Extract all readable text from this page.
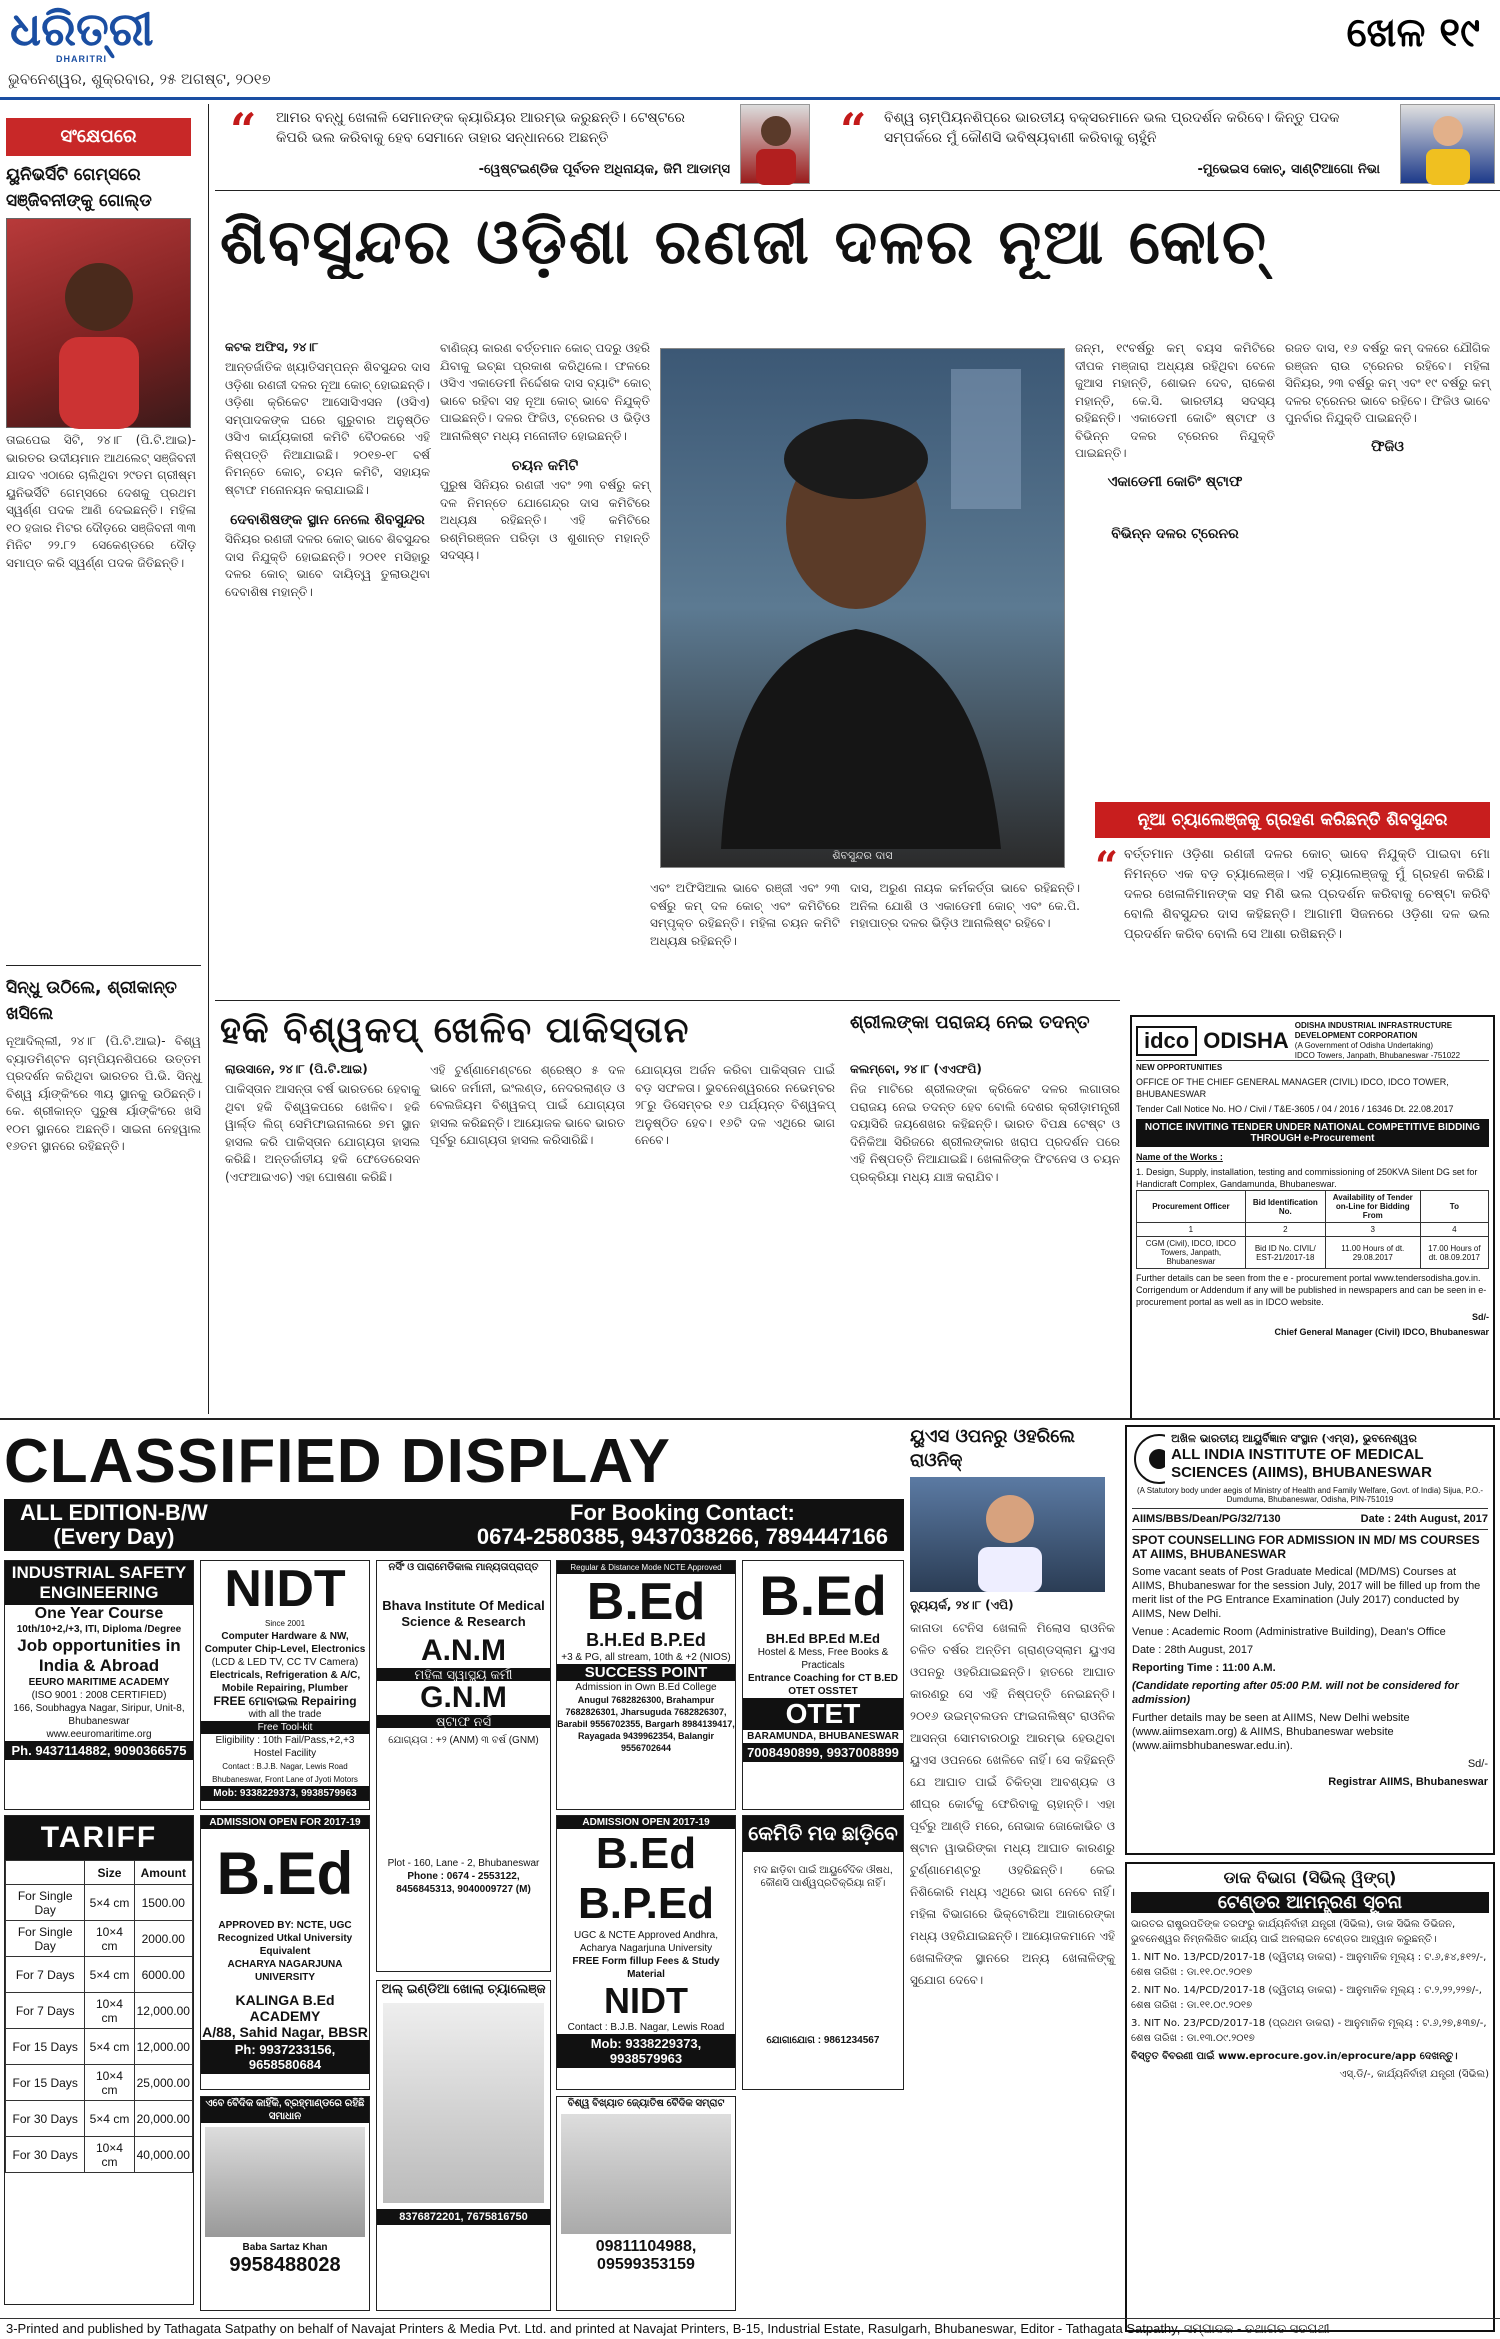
ଧରିତ୍ରୀ
DHARITRI
ଖେଳ ୧୯
ଭୁବନେଶ୍ୱର, ଶୁକ୍ରବାର, ୨୫ ଅଗଷ୍ଟ, ୨୦୧୭
ସଂକ୍ଷେପରେ
ୟୁନିଭର୍ସିଟି ଗେମ୍ସରେ ସଞ୍ଜିବନୀଙ୍କୁ ଗୋଲ୍ଡ
ତାଇପେଇ ସିଟି, ୨୪।୮ (ପି.ଟି.ଆଇ)- ଭାରତର ଉଦୀୟମାନ ଆଥଲେଟ୍ ସଞ୍ଜିବନୀ ଯାଦବ ଏଠାରେ ଚାଲିଥିବା ୨୯ତମ ଗ୍ରୀଷ୍ମ ୟୁନିଭର୍ସିଟି ଗେମ୍ସରେ ଦେଶକୁ ପ୍ରଥମ ସ୍ୱର୍ଣ୍ଣ ପଦକ ଆଣି ଦେଇଛନ୍ତି। ମହିଳା ୧୦ ହଜାର ମିଟର ଦୌଡ଼ରେ ସଞ୍ଜିବନୀ ୩୩ ମିନିଟ ୨୨.୮୨ ସେକେଣ୍ଡରେ ଦୌଡ଼ ସମାପ୍ତ କରି ସ୍ୱର୍ଣ୍ଣ ପଦକ ଜିତିଛନ୍ତି।
ସିନ୍ଧୁ ଉଠିଲେ, ଶ୍ରୀକାନ୍ତ ଖସିଲେ
ନୂଆଦିଲ୍ଲୀ, ୨୪।୮ (ପି.ଟି.ଆଇ)- ବିଶ୍ୱ ବ୍ୟାଡମିଣ୍ଟନ ଚାମ୍ପିୟନଶିପରେ ଉତ୍ତମ ପ୍ରଦର୍ଶନ କରିଥିବା ଭାରତର ପି.ଭି. ସିନ୍ଧୁ ବିଶ୍ୱ ର୍ୟାଙ୍କିଂରେ ୩ୟ ସ୍ଥାନକୁ ଉଠିଛନ୍ତି। କେ. ଶ୍ରୀକାନ୍ତ ପୁରୁଷ ର୍ୟାଙ୍କିଂରେ ଖସି ୧୦ମ ସ୍ଥାନରେ ଅଛନ୍ତି। ସାଇନା ନେହୱାଲ ୧୬ତମ ସ୍ଥାନରେ ରହିଛନ୍ତି।
“ ଆମର ବନ୍ଧୁ ଖେଳାଳି ସେମାନଙ୍କ କ୍ୟାରିୟର ଆରମ୍ଭ କରୁଛନ୍ତି। ଟେଷ୍ଟରେ କିପରି ଭଲ କରିବାକୁ ହେବ ସେମାନେ ତାହାର ସନ୍ଧାନରେ ଅଛନ୍ତି
-ୱେଷ୍ଟଇଣ୍ଡିଜ ପୂର୍ବତନ ଅଧିନାୟକ, ଜିମି ଆଡାମ୍ସ
“ ବିଶ୍ୱ ଚାମ୍ପିୟନଶିପ୍‌ରେ ଭାରତୀୟ ବକ୍ସରମାନେ ଭଲ ପ୍ରଦର୍ଶନ କରିବେ। କିନ୍ତୁ ପଦକ ସମ୍ପର୍କରେ ମୁଁ କୌଣସି ଭବିଷ୍ୟବାଣୀ କରିବାକୁ ଚାହୁଁନି
-ମୁଭେଇସ କୋଚ୍, ସାଣ୍ଟିଆଗୋ ନିଭା
ଶିବସୁନ୍ଦର ଓଡ଼ିଶା ରଣଜୀ ଦଳର ନୂଆ କୋଚ୍
କଟକ ଅଫିସ, ୨୪।୮
ଆନ୍ତର୍ଜାତିକ ଖ୍ୟାତିସମ୍ପନ୍ନ ଶିବସୁନ୍ଦର ଦାସ ଓଡ଼ିଶା ରଣଜୀ ଦଳର ନୂଆ କୋଚ୍ ହୋଇଛନ୍ତି। ଓଡ଼ିଶା କ୍ରିକେଟ ଆସୋସିଏସନ (ଓସିଏ) ସମ୍ପାଦକଙ୍କ ଘରେ ଗୁରୁବାର ଅନୁଷ୍ଠିତ ଓସିଏ କାର୍ଯ୍ୟକାରୀ କମିଟି ବୈଠକରେ ଏହି ନିଷ୍ପତ୍ତି ନିଆଯାଇଛି। ୨୦୧୭-୧୮ ବର୍ଷ ନିମନ୍ତେ କୋଚ୍, ଚୟନ କମିଟି, ସହାୟକ ଷ୍ଟାଫ ମନୋନୟନ କରାଯାଇଛି।
ଦେବାଶିଷଙ୍କ ସ୍ଥାନ ନେଲେ ଶିବସୁନ୍ଦର
ସିନିୟର ରଣଜୀ ଦଳର କୋଚ୍ ଭାବେ ଶିବସୁନ୍ଦର ଦାସ ନିଯୁକ୍ତି ହୋଇଛନ୍ତି। ୨୦୧୧ ମସିହାରୁ ଦଳର କୋଚ୍ ଭାବେ ଦାୟିତ୍ୱ ତୁଲାଉଥିବା ଦେବାଶିଷ ମହାନ୍ତି।
ବାଣିଜ୍ୟ କାରଣ ବର୍ତ୍ତମାନ କୋଚ୍ ପଦରୁ ଓହରି ଯିବାକୁ ଇଚ୍ଛା ପ୍ରକାଶ କରିଥିଲେ। ଫଳରେ ଓସିଏ ଏକାଡେମୀ ନିର୍ଦ୍ଦେଶକ ଦାସ ବ୍ୟାଟିଂ କୋଚ୍ ଭାବେ ରହିବା ସହ ନୂଆ କୋଚ୍ ଭାବେ ନିଯୁକ୍ତି ପାଇଛନ୍ତି। ଦଳର ଫିଜିଓ, ଟ୍ରେନର ଓ ଭିଡ଼ିଓ ଆନାଲିଷ୍ଟ ମଧ୍ୟ ମନୋନୀତ ହୋଇଛନ୍ତି।
ଚୟନ କମିଟି
ପୁରୁଷ ସିନିୟର ରଣଜୀ ଏବଂ ୨୩ ବର୍ଷରୁ କମ୍ ଦଳ ନିମନ୍ତେ ଯୋଗେନ୍ଦ୍ର ଦାସ କମିଟିରେ ଅଧ୍ୟକ୍ଷ ରହିଛନ୍ତି। ଏହି କମିଟିରେ ରଶ୍ମିରଞ୍ଜନ ପରିଡ଼ା ଓ ଶୁଶାନ୍ତ ମହାନ୍ତି ସଦସ୍ୟ।
ଶିବସୁନ୍ଦର ଦାସ
ଜନ୍ମ, ୧୯ବର୍ଷରୁ କମ୍ ବୟସ କମିଟିରେ ଦୀପକ ମଞ୍ଜାରା ଅଧ୍ୟକ୍ଷ ରହିଥିବା ବେଳେ ଜୁଆସ ମହାନ୍ତି, ଶୋଭନ ଦେବ, ରାକେଶ ମହାନ୍ତି, କେ.ସି. ଭାରତୀୟ ସଦସ୍ୟ ରହିଛନ୍ତି। ଏକାଡେମୀ କୋଚିଂ ଷ୍ଟାଫ ଓ ବିଭିନ୍ନ ଦଳର ଟ୍ରେନର ନିଯୁକ୍ତି ପାଇଛନ୍ତି।
ଏକାଡେମୀ କୋଚିଂ ଷ୍ଟାଫ
ବିଭିନ୍ନ ଦଳର ଟ୍ରେନର
ରଜତ ଦାସ, ୧୬ ବର୍ଷରୁ କମ୍ ଦଳରେ ଯୌଗିକ ରଞ୍ଜନ ରାଉ ଟ୍ରେନର ରହିବେ। ମହିଳା ସିନିୟର, ୨୩ ବର୍ଷରୁ କମ୍ ଏବଂ ୧୯ ବର୍ଷରୁ କମ୍ ଦଳର ଟ୍ରେନର ଭାବେ ରହିବେ। ଫିଜିଓ ଭାବେ ପୁନର୍ବାର ନିଯୁକ୍ତି ପାଇଛନ୍ତି।
ଫିଜିଓ
ନୂଆ ଚ୍ୟାଲେଞ୍ଜକୁ ଗ୍ରହଣ କରିଛନ୍ତି ଶିବସୁନ୍ଦର
“ ବର୍ତ୍ତମାନ ଓଡ଼ିଶା ରଣଜୀ ଦଳର କୋଚ୍ ଭାବେ ନିଯୁକ୍ତି ପାଇବା ମୋ ନିମନ୍ତେ ଏକ ବଡ଼ ଚ୍ୟାଲେଞ୍ଜ। ଏହି ଚ୍ୟାଲେଞ୍ଜକୁ ମୁଁ ଗ୍ରହଣ କରିଛି। ଦଳର ଖେଳାଳିମାନଙ୍କ ସହ ମିଶି ଭଲ ପ୍ରଦର୍ଶନ କରିବାକୁ ଚେଷ୍ଟା କରିବି ବୋଲି ଶିବସୁନ୍ଦର ଦାସ କହିଛନ୍ତି। ଆଗାମୀ ସିଜନରେ ଓଡ଼ିଶା ଦଳ ଭଲ ପ୍ରଦର୍ଶନ କରିବ ବୋଲି ସେ ଆଶା ରଖିଛନ୍ତି।
ଏବଂ ଅଫିସିଆଲ ଭାବେ ରଞ୍ଜୀ ଏବଂ ୨୩ ବର୍ଷରୁ କମ୍ ଦଳ କୋଚ୍ ଏବଂ କମିଟିରେ ସମ୍ପୃକ୍ତ ରହିଛନ୍ତି। ମହିଳା ଚୟନ କମିଟି ଅଧ୍ୟକ୍ଷ ରହିଛନ୍ତି।
ଦାସ, ଅରୁଣ ନାୟକ କର୍ମକର୍ତ୍ତା ଭାବେ ରହିଛନ୍ତି। ଅନିଲ ଯୋଶି ଓ ଏକାଡେମୀ କୋଚ୍ ଏବଂ କେ.ପି. ମହାପାତ୍ର ଦଳର ଭିଡ଼ିଓ ଆନାଲିଷ୍ଟ ରହିବେ।
ହକି ବିଶ୍ୱକପ୍ ଖେଳିବ ପାକିସ୍ତାନ
ଲାଉସାନେ, ୨୪।୮ (ପି.ଟି.ଆଇ)
ପାକିସ୍ତାନ ଆସନ୍ତା ବର୍ଷ ଭାରତରେ ହେବାକୁ ଥିବା ହକି ବିଶ୍ୱକପରେ ଖେଳିବ। ହକି ୱାର୍ଲ୍ଡ ଲିଗ୍ ସେମିଫାଇନାଲରେ ୭ମ ସ୍ଥାନ ହାସଲ କରି ପାକିସ୍ତାନ ଯୋଗ୍ୟତା ହାସଲ କରିଛି। ଅନ୍ତର୍ଜାତୀୟ ହକି ଫେଡେରେସନ (ଏଫଆଇଏଚ) ଏହା ଘୋଷଣା କରିଛି।
ଏହି ଟୁର୍ଣ୍ଣାମେଣ୍ଟରେ ଶ୍ରେଷ୍ଠ ୫ ଦଳ ଭାବେ ଜର୍ମାନୀ, ଇଂଲଣ୍ଡ, ନେଦରଲାଣ୍ଡ ଓ ବେଲଜିୟମ ବିଶ୍ୱକପ୍ ପାଇଁ ଯୋଗ୍ୟତା ହାସଲ କରିଛନ୍ତି। ଆୟୋଜକ ଭାବେ ଭାରତ ପୂର୍ବରୁ ଯୋଗ୍ୟତା ହାସଲ କରିସାରିଛି।
ଯୋଗ୍ୟତା ଅର୍ଜନ କରିବା ପାକିସ୍ତାନ ପାଇଁ ବଡ଼ ସଫଳତା। ଭୁବନେଶ୍ୱରରେ ନଭେମ୍ବର ୨୮ରୁ ଡିସେମ୍ବର ୧୬ ପର୍ଯ୍ୟନ୍ତ ବିଶ୍ୱକପ୍ ଅନୁଷ୍ଠିତ ହେବ। ୧୬ଟି ଦଳ ଏଥିରେ ଭାଗ ନେବେ।
ଶ୍ରୀଲଙ୍କା ପରାଜୟ ନେଇ ତଦନ୍ତ
କଲମ୍ବୋ, ୨୪।୮ (ଏଏଫପି)
ନିଜ ମାଟିରେ ଶ୍ରୀଲଙ୍କା କ୍ରିକେଟ ଦଳର ଲଗାତାର ପରାଜୟ ନେଇ ତଦନ୍ତ ହେବ ବୋଲି ଦେଶର କ୍ରୀଡ଼ାମନ୍ତ୍ରୀ ଦୟାସିରି ଜୟଶେଖର କହିଛନ୍ତି। ଭାରତ ବିପକ୍ଷ ଟେଷ୍ଟ ଓ ଦିନିକିଆ ସିରିଜରେ ଶ୍ରୀଲଙ୍କାର ଖରାପ ପ୍ରଦର୍ଶନ ପରେ ଏହି ନିଷ୍ପତ୍ତି ନିଆଯାଇଛି। ଖେଳାଳିଙ୍କ ଫିଟନେସ ଓ ଚୟନ ପ୍ରକ୍ରିୟା ମଧ୍ୟ ଯାଞ୍ଚ କରାଯିବ।
idco ODISHA
ODISHA INDUSTRIAL INFRASTRUCTURE DEVELOPMENT CORPORATION
(A Government of Odisha Undertaking)
IDCO Towers, Janpath, Bhubaneswar -751022
NEW OPPORTUNITIES

OFFICE OF THE CHIEF GENERAL MANAGER (CIVIL) IDCO, IDCO TOWER, BHUBANESWAR

Tender Call Notice No. HO / Civil / T&E-3605 / 04 / 2016 / 16346 Dt. 22.08.2017

NOTICE INVITING TENDER UNDER NATIONAL COMPETITIVE BIDDING THROUGH e-Procurement

Name of the Works :

1. Design, Supply, installation, testing and commissioning of 250KVA Silent DG set for Handicraft Complex, Gandamunda, Bhubaneswar.

Procurement Officer	Bid Identification No.	Availability of Tender on-Line for Bidding From	To
1	2	3	4
CGM (Civil), IDCO, IDCO Towers, Janpath, Bhubaneswar	Bid ID No. CIVIL/ EST-21/2017-18	11.00 Hours of dt. 29.08.2017	17.00 Hours of dt. 08.09.2017

Further details can be seen from the e - procurement portal www.tendersodisha.gov.in. Corrigendum or Addendum if any will be published in newspapers and can be seen in e-procurement portal as well as in IDCO website.

Sd/-

Chief General Manager (Civil) IDCO, Bhubaneswar

CLASSIFIED DISPLAY
ALL EDITION-B/W
(Every Day)
For Booking Contact:
0674-2580385, 9437038266, 7894447166
INDUSTRIAL SAFETY ENGINEERING
One Year Course
10th/10+2,/+3, ITI, Diploma /Degree
Job opportunities in India & Abroad
EEURO MARITIME ACADEMY
(ISO 9001 : 2008 CERTIFIED)
166, Soubhagya Nagar, Siripur, Unit-8, Bhubaneswar
www.eeuromaritime.org
Ph. 9437114882, 9090366575
NIDT
Since 2001
Computer Hardware & NW,
Computer Chip-Level, Electronics
(LCD & LED TV, CC TV Camera)
Electricals, Refrigeration & A/C, Mobile Repairing, Plumber
FREE ମୋବାଇଲ Repairing
with all the trade
Free Tool-kit
Eligibility : 10th Fail/Pass,+2,+3
Hostel Facility
Contact : B.J.B. Nagar, Lewis Road Bhubaneswar, Front Lane of Jyoti Motors
Mob: 9338229373, 9938579963
ନର୍ସିଂ ଓ ପାରାମେଡିକାଲ ମାନ୍ୟତାପ୍ରାପ୍ତ
Bhava Institute Of Medical Science & Research
A.N.M
ମହିଳା ସ୍ୱାସ୍ଥ୍ୟ କର୍ମୀ
G.N.M
ଷ୍ଟାଫ ନର୍ସ
ଯୋଗ୍ୟତା : +୨ (ANM) ୩ ବର୍ଷ (GNM)
Plot - 160, Lane - 2, Bhubaneswar
Phone : 0674 - 2553122, 8456845313, 9040009727 (M)
Regular & Distance Mode NCTE Approved
B.Ed
B.H.Ed B.P.Ed
+3 & PG, all stream, 10th & +2 (NIOS)
SUCCESS POINT
Admission in Own B.Ed College
Anugul 7682826300, Brahampur 7682826301, Jharsuguda 7682826307, Barabil 9556702355, Bargarh 8984139417, Rayagada 9439962354, Balangir 9556702644
B.Ed
BH.Ed BP.Ed M.Ed
Hostel & Mess, Free Books & Practicals
Entrance Coaching for CT B.ED OTET OSSTET
OTET
BARAMUNDA, BHUBANESWAR
7008490899, 9937008899
TARIFF
	Size	Amount
For Single Day	5×4 cm	1500.00
For Single Day	10×4 cm	2000.00
For 7 Days	5×4 cm	6000.00
For 7 Days	10×4 cm	12,000.00
For 15 Days	5×4 cm	12,000.00
For 15 Days	10×4 cm	25,000.00
For 30 Days	5×4 cm	20,000.00
For 30 Days	10×4 cm	40,000.00
ADMISSION OPEN FOR 2017-19
B.Ed
APPROVED BY: NCTE, UGC Recognized Utkal University Equivalent
ACHARYA NAGARJUNA UNIVERSITY
KALINGA B.Ed ACADEMY
A/88, Sahid Nagar, BBSR
Ph: 9937233156, 9658580684
ADMISSION OPEN 2017-19
B.Ed
B.P.Ed
UGC & NCTE Approved Andhra, Acharya Nagarjuna University
FREE Form fillup Fees & Study Material
NIDT
Contact : B.J.B. Nagar, Lewis Road
Mob: 9338229373, 9938579963
କେମିତି ମଦ ଛାଡ଼ିବେ
ମଦ ଛାଡ଼ିବା ପାଇଁ ଆୟୁର୍ବେଦିକ ଔଷଧ, କୌଣସି ପାର୍ଶ୍ୱପ୍ରତିକ୍ରିୟା ନାହିଁ।
ଯୋଗାଯୋଗ : 9861234567
ଏବେ ବୈଦିକ କାହିଁକି, ବ୍ରହ୍ମାଣ୍ଡରେ ରହିଛି ସମାଧାନ
Baba Sartaz Khan
9958488028
ଅଲ୍ ଇଣ୍ଡିଆ ଖୋଲା ଚ୍ୟାଲେଞ୍ଜ
8376872201, 7675816750
ବିଶ୍ୱ ବିଖ୍ୟାତ ଜ୍ୟୋତିଷ ବୈଦିକ ସମ୍ରାଟ
09811104988, 09599353159
ୟୁଏସ ଓପନରୁ ଓହରିଲେ ରାଓନିକ୍
ନ୍ୟୁୟର୍କ, ୨୪।୮ (ଏପି)
କାନାଡା ଟେନିସ ଖେଳାଳି ମିଲୋସ ରାଓନିକ ଚଳିତ ବର୍ଷର ଅନ୍ତିମ ଗ୍ରାଣ୍ଡସ୍ଲାମ ୟୁଏସ ଓପନରୁ ଓହରିଯାଇଛନ୍ତି। ହାତରେ ଆଘାତ କାରଣରୁ ସେ ଏହି ନିଷ୍ପତ୍ତି ନେଇଛନ୍ତି। ୨୦୧୬ ଉଇମ୍ବଲଡନ ଫାଇନାଲିଷ୍ଟ ରାଓନିକ ଆସନ୍ତା ସୋମବାରଠାରୁ ଆରମ୍ଭ ହେଉଥିବା ୟୁଏସ ଓପନରେ ଖେଳିବେ ନାହିଁ। ସେ କହିଛନ୍ତି ଯେ ଆଘାତ ପାଇଁ ଚିକିତ୍ସା ଆବଶ୍ୟକ ଓ ଶୀଘ୍ର କୋର୍ଟକୁ ଫେରିବାକୁ ଚାହାନ୍ତି। ଏହା ପୂର୍ବରୁ ଆଣ୍ଡି ମରେ, ନୋଭାକ ଜୋକୋଭିଚ ଓ ଷ୍ଟାନ ୱାଭରିଙ୍କା ମଧ୍ୟ ଆଘାତ କାରଣରୁ ଟୁର୍ଣ୍ଣାମେଣ୍ଟରୁ ଓହରିଛନ୍ତି। କେଇ ନିଶିକୋରି ମଧ୍ୟ ଏଥିରେ ଭାଗ ନେବେ ନାହିଁ। ମହିଳା ବିଭାଗରେ ଭିକ୍ଟୋରିଆ ଆଜାରେଙ୍କା ମଧ୍ୟ ଓହରିଯାଇଛନ୍ତି। ଆୟୋଜକମାନେ ଏହି ଖେଳାଳିଙ୍କ ସ୍ଥାନରେ ଅନ୍ୟ ଖେଳାଳିଙ୍କୁ ସୁଯୋଗ ଦେବେ।
ଅଖିଳ ଭାରତୀୟ ଆୟୁର୍ବିଜ୍ଞାନ ସଂସ୍ଥାନ (ଏମ୍ସ), ଭୁବନେଶ୍ୱର
ALL INDIA INSTITUTE OF MEDICAL SCIENCES (AIIMS), BHUBANESWAR
(A Statutory body under aegis of Ministry of Health and Family Welfare, Govt. of India) Sijua, P.O.-Dumduma, Bhubaneswar, Odisha, PIN-751019
AIIMS/BBS/Dean/PG/32/7130	Date : 24th August, 2017
SPOT COUNSELLING FOR ADMISSION IN MD/ MS COURSES AT AIIMS, BHUBANESWAR

Some vacant seats of Post Graduate Medical (MD/MS) Courses at AIIMS, Bhubaneswar for the session July, 2017 will be filled up from the merit list of the PG Entrance Examination (July 2017) conducted by AIIMS, New Delhi.

Venue : Academic Room (Administrative Building), Dean's Office

Date : 28th August, 2017

Reporting Time : 11:00 A.M.

(Candidate reporting after 05:00 P.M. will not be considered for admission)

Further details may be seen at AIIMS, New Delhi website (www.aiimsexam.org) & AIIMS, Bhubaneswar website (www.aiimsbhubaneswar.edu.in).

Sd/-

Registrar AIIMS, Bhubaneswar

ଡାକ ବିଭାଗ (ସିଭିଲ୍ ୱିଙ୍ଗ୍)
ଟେଣ୍ଡର ଆମନ୍ତ୍ରଣ ସୂଚନା

ଭାରତର ରାଷ୍ଟ୍ରପତିଙ୍କ ତରଫରୁ କାର୍ଯ୍ୟନିର୍ବାହୀ ଯନ୍ତ୍ରୀ (ସିଭିଲ), ଡାକ ସିଭିଲ ଡିଭିଜନ, ଭୁବନେଶ୍ୱର ନିମ୍ନଲିଖିତ କାର୍ଯ୍ୟ ପାଇଁ ଅନଲାଇନ ଟେଣ୍ଡର ଆହ୍ୱାନ କରୁଛନ୍ତି।

1. NIT No. 13/PCD/2017-18 (ଦ୍ୱିତୀୟ ଡାକରା) - ଆନୁମାନିକ ମୂଲ୍ୟ : ଟ.୬,୫୪,୫୧୨/-, ଶେଷ ତାରିଖ : ଡା.୧୧.୦୯.୨୦୧୭

2. NIT No. 14/PCD/2017-18 (ଦ୍ୱିତୀୟ ଡାକରା) - ଆନୁମାନିକ ମୂଲ୍ୟ : ଟ.୨,୨୨,୨୨୭/-, ଶେଷ ତାରିଖ : ଡା.୧୧.୦୯.୨୦୧୭

3. NIT No. 23/PCD/2017-18 (ପ୍ରଥମ ଡାକରା) - ଆନୁମାନିକ ମୂଲ୍ୟ : ଟ.୬,୨୭,୫୩୭/-, ଶେଷ ତାରିଖ : ଡା.୧୩.୦୯.୨୦୧୭

ବିସ୍ତୃତ ବିବରଣୀ ପାଇଁ www.eprocure.gov.in/eprocure/app ଦେଖନ୍ତୁ।

ଏସ୍.ଡି/-, କାର୍ଯ୍ୟନିର୍ବାହୀ ଯନ୍ତ୍ରୀ (ସିଭିଲ)

3-Printed and published by Tathagata Satpathy on behalf of Navajat Printers & Media Pvt. Ltd. and printed at Navajat Printers, B-15, Industrial Estate, Rasulgarh, Bhubaneswar, Editor - Tathagata Satpathy, ସମ୍ପାଦକ - ତଥାଗତ ସତପଥୀ
